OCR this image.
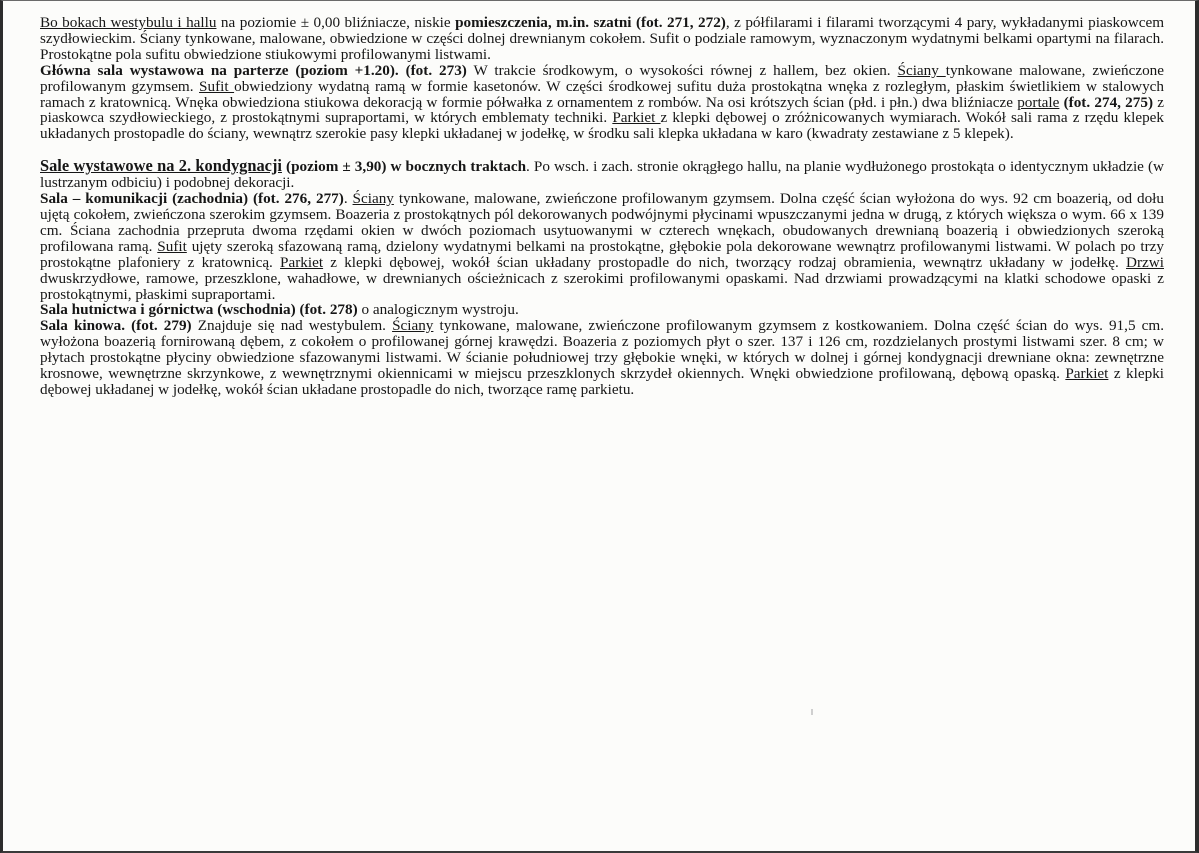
Bo bokach westybulu i hallu na poziomie ± 0,00 bliźniacze, niskie pomieszczenia, m.in. szatni (fot. 271, 272), z półfilarami i filarami tworzącymi 4 pary, wykładanymi piaskowcem szydłowieckim. Ściany tynkowane, malowane, obwiedzione w części dolnej drewnianym cokołem. Sufit o podziale ramowym, wyznaczonym wydatnymi belkami opartymi na filarach. Prostokątne pola sufitu obwiedzione stiukowymi profilowanymi listwami.

Główna sala wystawowa na parterze (poziom +1.20). (fot. 273) W trakcie środkowym, o wysokości równej z hallem, bez okien. Ściany tynkowane malowane, zwieńczone profilowanym gzymsem. Sufit obwiedziony wydatną ramą w formie kasetonów. W części środkowej sufitu duża prostokątna wnęka z rozległym, płaskim świetlikiem w stalowych ramach z kratownicą. Wnęka obwiedziona stiukowa dekoracją w formie półwałka z ornamentem z rombów. Na osi krótszych ścian (płd. i płn.) dwa bliźniacze portale (fot. 274, 275) z piaskowca szydłowieckiego, z prostokątnymi supraportami, w których emblematy techniki. Parkiet z klepki dębowej o zróżnicowanych wymiarach. Wokół sali rama z rzędu klepek układanych prostopadle do ściany, wewnątrz szerokie pasy klepki układanej w jodełkę, w środku sali klepka układana w karo (kwadraty zestawiane z 5 klepek).

Sale wystawowe na 2. kondygnacji (poziom ± 3,90) w bocznych traktach. Po wsch. i zach. stronie okrągłego hallu, na planie wydłużonego prostokąta o identycznym układzie (w lustrzanym odbiciu) i podobnej dekoracji.

Sala – komunikacji (zachodnia) (fot. 276, 277). Ściany tynkowane, malowane, zwieńczone profilowanym gzymsem. Dolna część ścian wyłożona do wys. 92 cm boazerią, od dołu ujętą cokołem, zwieńczona szerokim gzymsem. Boazeria z prostokątnych pól dekorowanych podwójnymi płycinami wpuszczanymi jedna w drugą, z których większa o wym. 66 x 139 cm. Ściana zachodnia przepruta dwoma rzędami okien w dwóch poziomach usytuowanymi w czterech wnękach, obudowanych drewnianą boazerią i obwiedzionych szeroką profilowana ramą. Sufit ujęty szeroką sfazowaną ramą, dzielony wydatnymi belkami na prostokątne, głębokie pola dekorowane wewnątrz profilowanymi listwami. W polach po trzy prostokątne plafoniery z kratownicą. Parkiet z klepki dębowej, wokół ścian układany prostopadle do nich, tworzący rodzaj obramienia, wewnątrz układany w jodełkę. Drzwi dwuskrzydłowe, ramowe, przeszklone, wahadłowe, w drewnianych ościeżnicach z szerokimi profilowanymi opaskami. Nad drzwiami prowadzącymi na klatki schodowe opaski z prostokątnymi, płaskimi supraportami.

Sala hutnictwa i górnictwa (wschodnia) (fot. 278) o analogicznym wystroju.

Sala kinowa. (fot. 279) Znajduje się nad westybulem. Ściany tynkowane, malowane, zwieńczone profilowanym gzymsem z kostkowaniem. Dolna część ścian do wys. 91,5 cm. wyłożona boazerią fornirowaną dębem, z cokołem o profilowanej górnej krawędzi. Boazeria z poziomych płyt o szer. 137 i 126 cm, rozdzielanych prostymi listwami szer. 8 cm; w płytach prostokątne płyciny obwiedzione sfazowanymi listwami. W ścianie południowej trzy głębokie wnęki, w których w dolnej i górnej kondygnacji drewniane okna: zewnętrzne krosnowe, wewnętrzne skrzynkowe, z wewnętrznymi okiennicami w miejscu przeszklonych skrzydeł okiennych. Wnęki obwiedzione profilowaną, dębową opaską. Parkiet z klepki dębowej układanej w jodełkę, wokół ścian układane prostopadle do nich, tworzące ramę parkietu.
